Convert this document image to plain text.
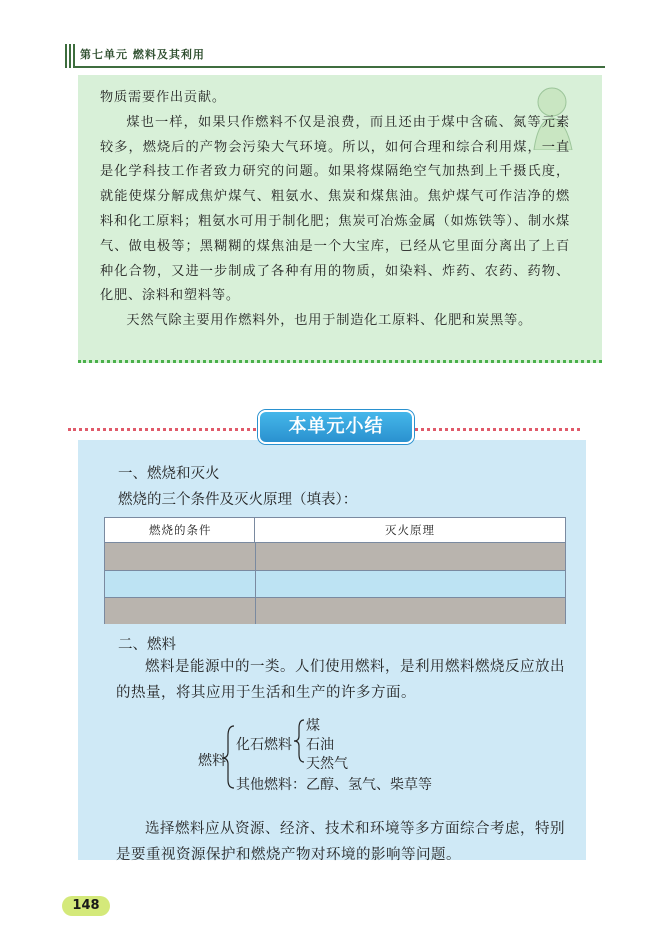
第七单元 燃料及其利用

物质需要作出贡献。

煤也一样，如果只作燃料不仅是浪费，而且还由于煤中含硫、氮等元素较多，燃烧后的产物会污染大气环境。所以，如何合理和综合利用煤，一直是化学科技工作者致力研究的问题。如果将煤隔绝空气加热到上千摄氏度，就能使煤分解成焦炉煤气、粗氨水、焦炭和煤焦油。焦炉煤气可作洁净的燃料和化工原料；粗氨水可用于制化肥；焦炭可冶炼金属（如炼铁等）、制水煤气、做电极等；黑糊糊的煤焦油是一个大宝库，已经从它里面分离出了上百种化合物，又进一步制成了各种有用的物质，如染料、炸药、农药、药物、化肥、涂料和塑料等。

天然气除主要用作燃料外，也用于制造化工原料、化肥和炭黑等。

本单元小结
一、燃烧和灭火
燃烧的三个条件及灭火原理（填表）：
燃烧的条件	灭火原理
二、燃料

燃料是能源中的一类。人们使用燃料，是利用燃料燃烧反应放出的热量，将其应用于生活和生产的许多方面。

燃料
化石燃料
煤
石油
天然气
其他燃料：乙醇、氢气、柴草等

选择燃料应从资源、经济、技术和环境等多方面综合考虑，特别是要重视资源保护和燃烧产物对环境的影响等问题。

148
